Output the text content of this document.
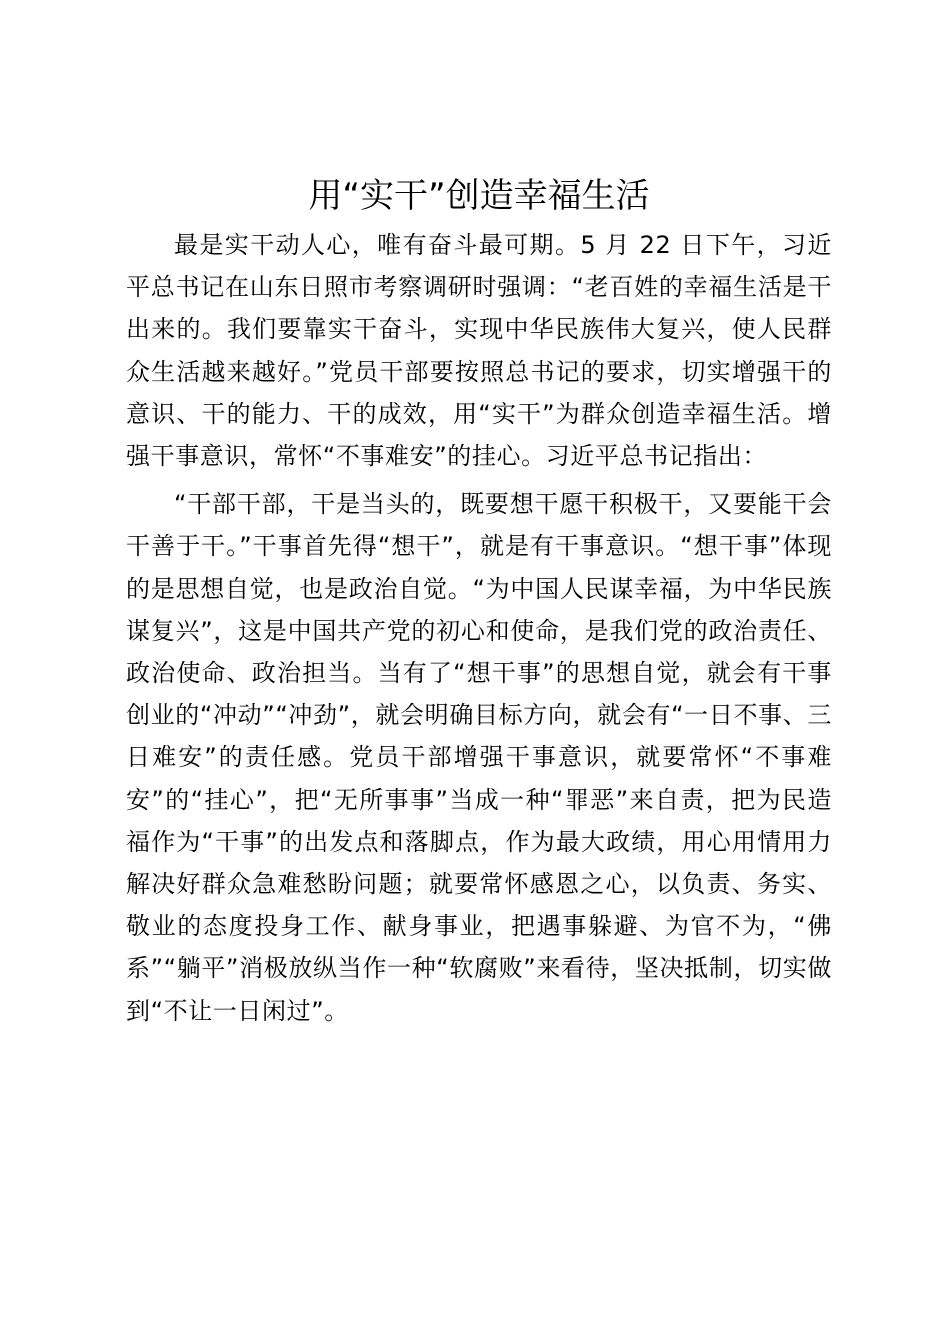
用“实干”创造幸福生活

最是实干动人心，唯有奋斗最可期。5 月 22 日下午，习近平总书记在山东日照市考察调研时强调：“老百姓的幸福生活是干出来的。我们要靠实干奋斗，实现中华民族伟大复兴，使人民群众生活越来越好。”党员干部要按照总书记的要求，切实增强干的意识、干的能力、干的成效，用“实干”为群众创造幸福生活。增强干事意识，常怀“不事难安”的挂心。习近平总书记指出：

“干部干部，干是当头的，既要想干愿干积极干，又要能干会干善于干。”干事首先得“想干”，就是有干事意识。“想干事”体现的是思想自觉，也是政治自觉。“为中国人民谋幸福，为中华民族谋复兴”，这是中国共产党的初心和使命，是我们党的政治责任、政治使命、政治担当。当有了“想干事”的思想自觉，就会有干事创业的“冲动”“冲劲”，就会明确目标方向，就会有“一日不事、三日难安”的责任感。党员干部增强干事意识，就要常怀“不事难安”的“挂心”，把“无所事事”当成一种“罪恶”来自责，把为民造福作为“干事”的出发点和落脚点，作为最大政绩，用心用情用力解决好群众急难愁盼问题；就要常怀感恩之心，以负责、务实、敬业的态度投身工作、献身事业，把遇事躲避、为官不为，“佛系”“躺平”消极放纵当作一种“软腐败”来看待，坚决抵制，切实做到“不让一日闲过”。
